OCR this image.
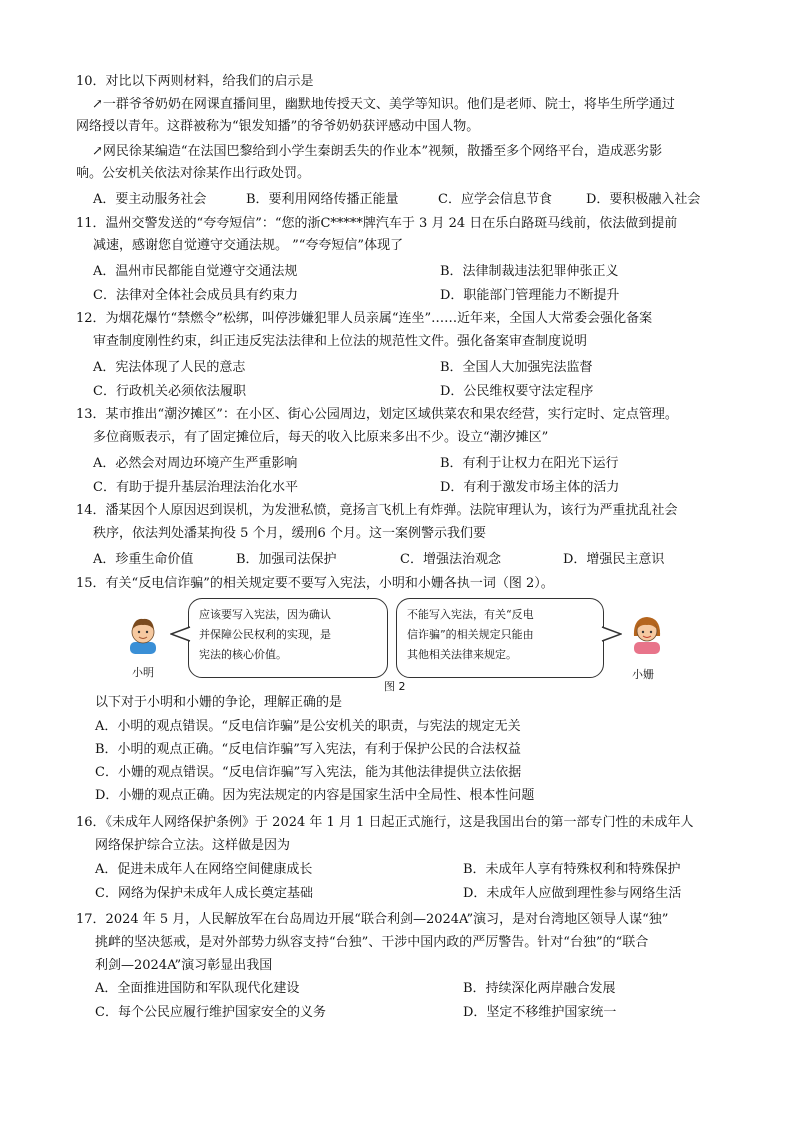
10．对比以下两则材料，给我们的启示是
↗一群爷爷奶奶在网课直播间里，幽默地传授天文、美学等知识。他们是老师、院士，将毕生所学通过
网络授以青年。这群被称为“银发知播”的爷爷奶奶获评感动中国人物。
↗网民徐某编造“在法国巴黎给到小学生秦朗丢失的作业本”视频，散播至多个网络平台，造成恶劣影
响。公安机关依法对徐某作出行政处罚。
A．要主动服务社会	B．要利用网络传播正能量	C．应学会信息节食	D．要积极融入社会
11．温州交警发送的“夸夸短信”：“您的浙C*****牌汽车于 3 月 24 日在乐白路斑马线前，依法做到提前
减速，感谢您自觉遵守交通法规。 ”“夸夸短信”体现了
A．温州市民都能自觉遵守交通法规	B．法律制裁违法犯罪伸张正义
C．法律对全体社会成员具有约束力	D．职能部门管理能力不断提升
12．为烟花爆竹“禁燃令”松绑，叫停涉嫌犯罪人员亲属“连坐”……近年来，全国人大常委会强化备案
审查制度刚性约束，纠正违反宪法法律和上位法的规范性文件。强化备案审查制度说明
A．宪法体现了人民的意志	B．全国人大加强宪法监督
C．行政机关必须依法履职	D．公民维权要守法定程序
13．某市推出“潮汐摊区”：在小区、街心公园周边，划定区域供菜农和果农经营，实行定时、定点管理。
多位商贩表示，有了固定摊位后，每天的收入比原来多出不少。设立“潮汐摊区”
A．必然会对周边环境产生严重影响	B．有利于让权力在阳光下运行
C．有助于提升基层治理法治化水平	D．有利于激发市场主体的活力
14．潘某因个人原因迟到误机，为发泄私愤，竟扬言飞机上有炸弹。法院审理认为，该行为严重扰乱社会
秩序，依法判处潘某拘役 5 个月，缓刑6 个月。这一案例警示我们要
A．珍重生命价值	B．加强司法保护	C．增强法治观念	D．增强民主意识
15．有关“反电信诈骗”的相关规定要不要写入宪法，小明和小姗各执一词（图 2）。
小明
应该要写入宪法，因为确认
并保障公民权利的实现，是
宪法的核心价值。
不能写入宪法，有关“反电
信诈骗”的相关规定只能由
其他相关法律来规定。
小姗
图 2
以下对于小明和小姗的争论，理解正确的是
A．小明的观点错误。“反电信诈骗”是公安机关的职责，与宪法的规定无关
B．小明的观点正确。“反电信诈骗”写入宪法，有利于保护公民的合法权益
C．小姗的观点错误。“反电信诈骗”写入宪法，能为其他法律提供立法依据
D．小姗的观点正确。因为宪法规定的内容是国家生活中全局性、根本性问题
16．《未成年人网络保护条例》于 2024 年 1 月 1 日起正式施行，这是我国出台的第一部专门性的未成年人
网络保护综合立法。这样做是因为
A．促进未成年人在网络空间健康成长	B．未成年人享有特殊权利和特殊保护
C．网络为保护未成年人成长奠定基础	D．未成年人应做到理性参与网络生活
17．2024 年 5 月，人民解放军在台岛周边开展“联合利剑—2024A”演习，是对台湾地区领导人谋“独”
挑衅的坚决惩戒，是对外部势力纵容支持“台独”、干涉中国内政的严厉警告。针对“台独”的“联合
利剑—2024A”演习彰显出我国
A．全面推进国防和军队现代化建设	B．持续深化两岸融合发展
C．每个公民应履行维护国家安全的义务	D．坚定不移维护国家统一
